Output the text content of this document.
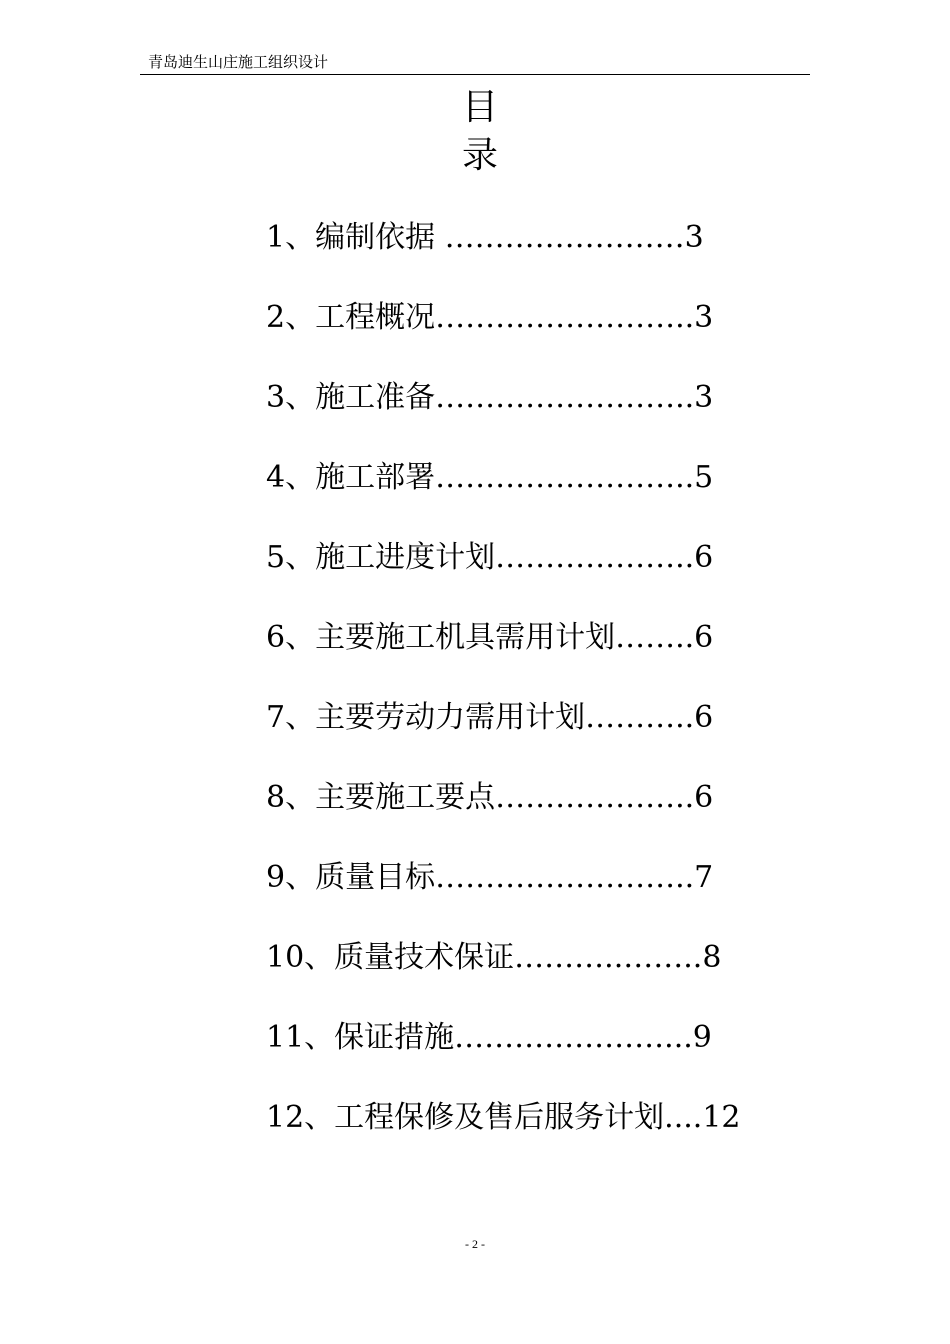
青岛迪生山庄施工组织设计
目录
1、编制依据 ……………………3
2、工程概况……………………..3
3、施工准备……………………..3
4、施工部署……………………..5
5、施工进度计划………………..6
6、主要施工机具需用计划……..6
7、主要劳动力需用计划………..6
8、主要施工要点………………..6
9、质量目标……………………..7
10、质量技术保证………..……..8
11、保证措施…………………...9
12、工程保修及售后服务计划....12
- 2 -
